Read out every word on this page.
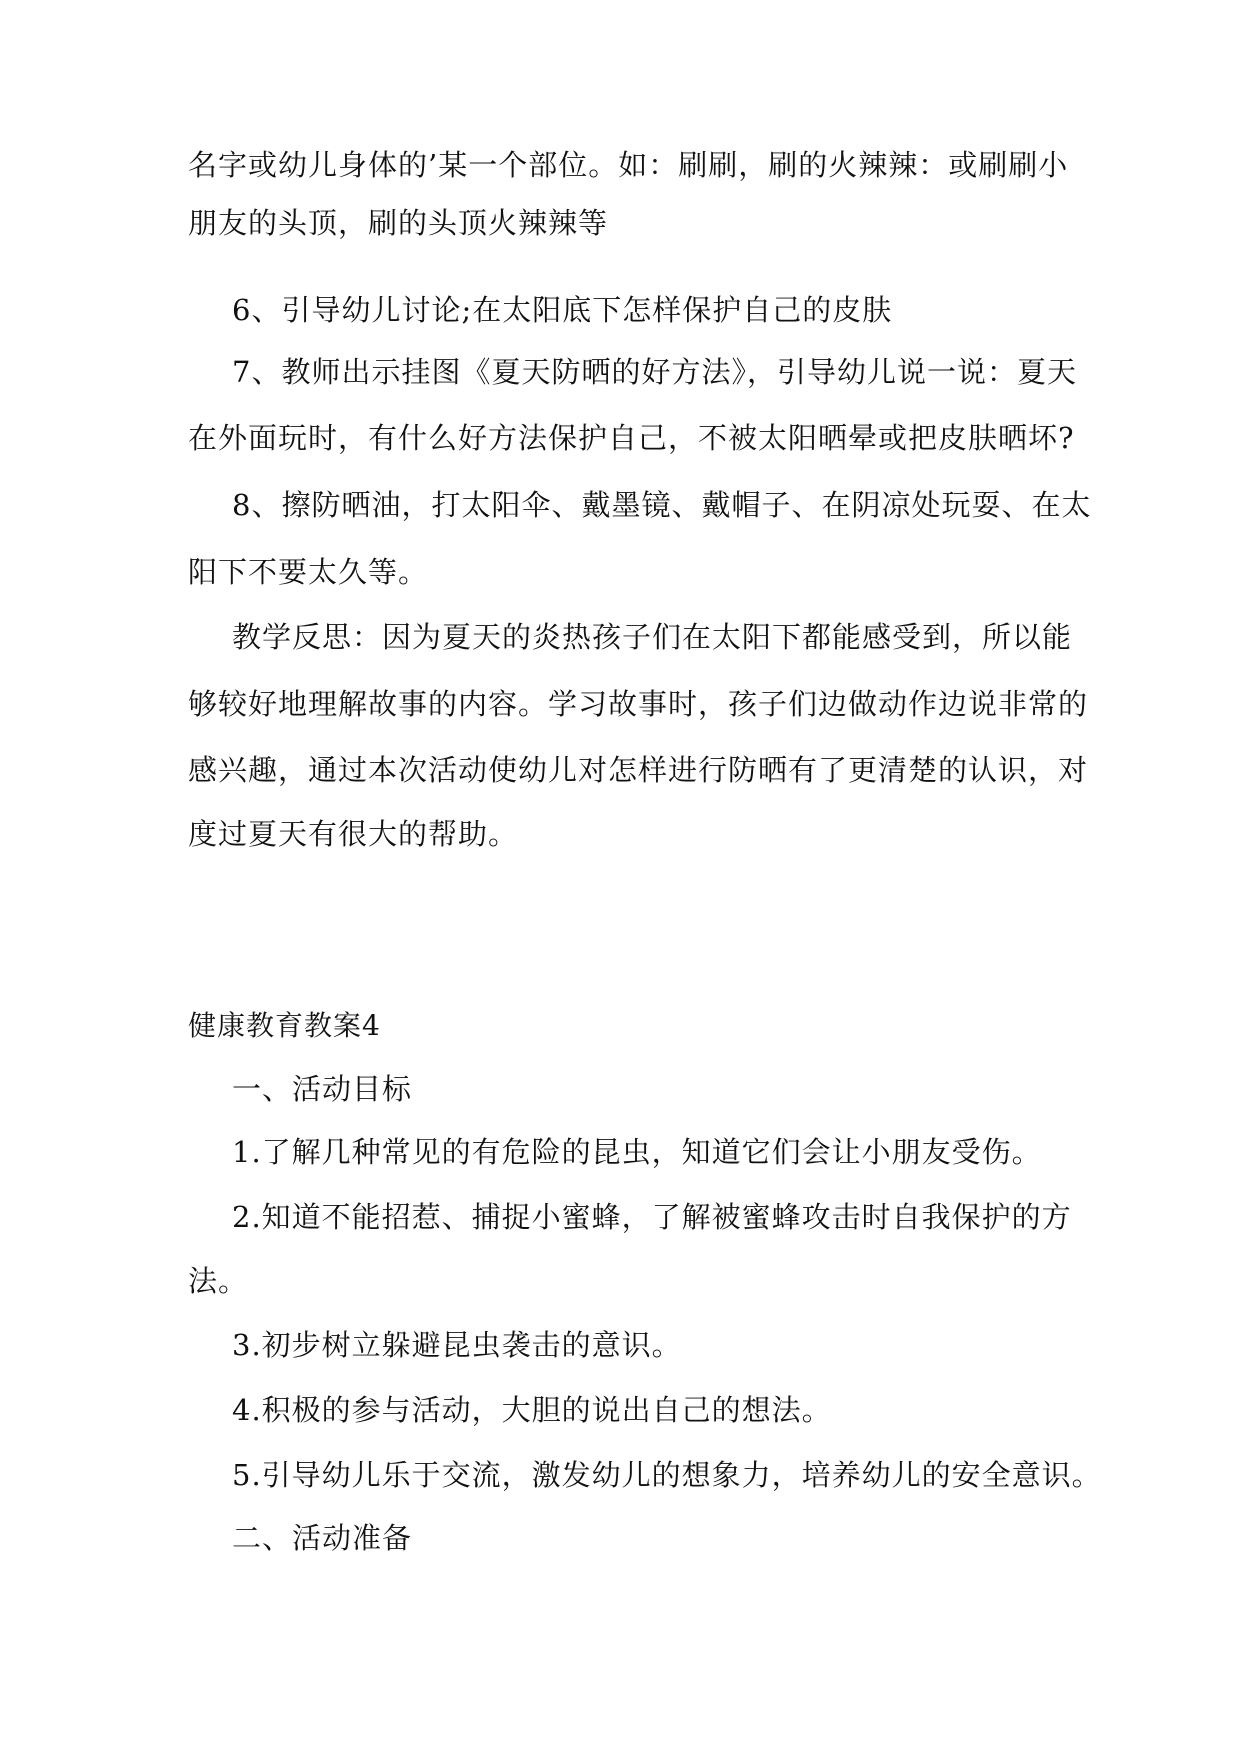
名字或幼儿身体的’某一个部位。如：刷刷，刷的火辣辣：或刷刷小
朋友的头顶，刷的头顶火辣辣等
6、引导幼儿讨论;在太阳底下怎样保护自己的皮肤
7、教师出示挂图《夏天防晒的好方法》，引导幼儿说一说：夏天
在外面玩时，有什么好方法保护自己，不被太阳晒晕或把皮肤晒坏?
8、擦防晒油，打太阳伞、戴墨镜、戴帽子、在阴凉处玩耍、在太
阳下不要太久等。
教学反思：因为夏天的炎热孩子们在太阳下都能感受到，所以能
够较好地理解故事的内容。学习故事时，孩子们边做动作边说非常的
感兴趣，通过本次活动使幼儿对怎样进行防晒有了更清楚的认识，对
度过夏天有很大的帮助。
健康教育教案4
一、活动目标
1.了解几种常见的有危险的昆虫，知道它们会让小朋友受伤。
2.知道不能招惹、捕捉小蜜蜂，了解被蜜蜂攻击时自我保护的方
法。
3.初步树立躲避昆虫袭击的意识。
4.积极的参与活动，大胆的说出自己的想法。
5.引导幼儿乐于交流，激发幼儿的想象力，培养幼儿的安全意识。
二、活动准备
